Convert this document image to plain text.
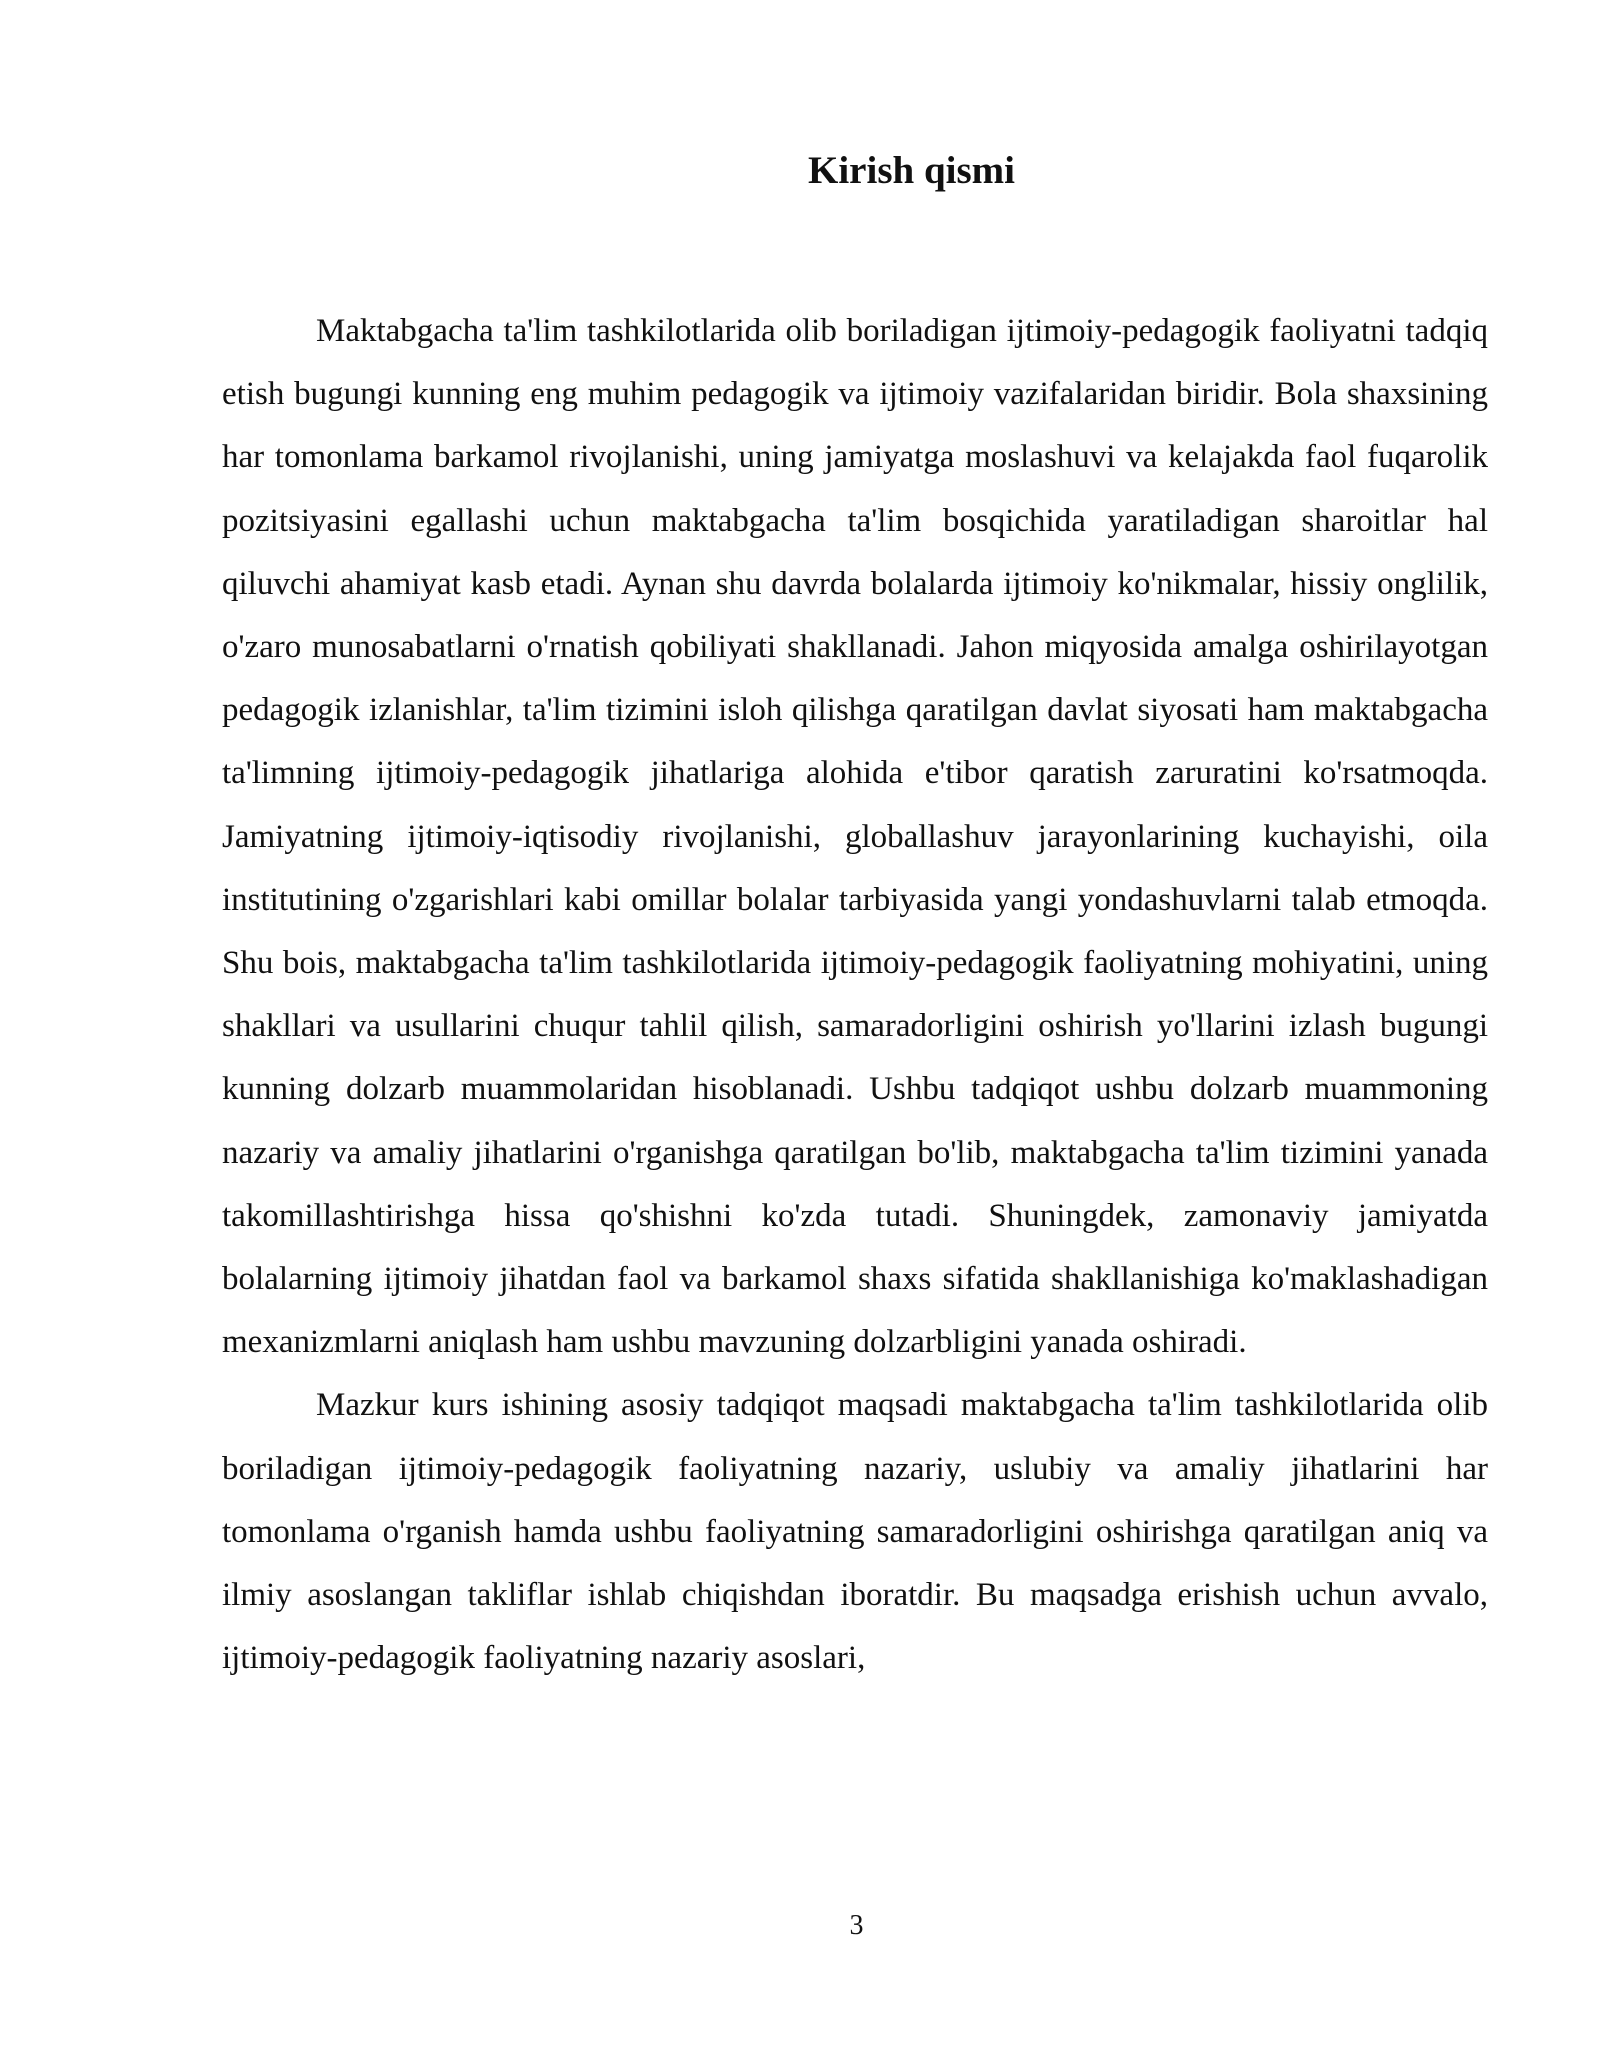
Kirish qismi

Maktabgacha ta'lim tashkilotlarida olib boriladigan ijtimoiy-pedagogik faoliyatni tadqiq etish bugungi kunning eng muhim pedagogik va ijtimoiy vazifalaridan biridir. Bola shaxsining har tomonlama barkamol rivojlanishi, uning jamiyatga moslashuvi va kelajakda faol fuqarolik pozitsiyasini egallashi uchun maktabgacha ta'lim bosqichida yaratiladigan sharoitlar hal qiluvchi ahamiyat kasb etadi. Aynan shu davrda bolalarda ijtimoiy ko'nikmalar, hissiy onglilik, o'zaro munosabatlarni o'rnatish qobiliyati shakllanadi. Jahon miqyosida amalga oshirilayotgan pedagogik izlanishlar, ta'lim tizimini isloh qilishga qaratilgan davlat siyosati ham maktabgacha ta'limning ijtimoiy-pedagogik jihatlariga alohida e'tibor qaratish zaruratini ko'rsatmoqda. Jamiyatning ijtimoiy-iqtisodiy rivojlanishi, globallashuv jarayonlarining kuchayishi, oila institutining o'zgarishlari kabi omillar bolalar tarbiyasida yangi yondashuvlarni talab etmoqda. Shu bois, maktabgacha ta'lim tashkilotlarida ijtimoiy-pedagogik faoliyatning mohiyatini, uning shakllari va usullarini chuqur tahlil qilish, samaradorligini oshirish yo'llarini izlash bugungi kunning dolzarb muammolaridan hisoblanadi. Ushbu tadqiqot ushbu dolzarb muammoning nazariy va amaliy jihatlarini o'rganishga qaratilgan bo'lib, maktabgacha ta'lim tizimini yanada takomillashtirishga hissa qo'shishni ko'zda tutadi. Shuningdek, zamonaviy jamiyatda bolalarning ijtimoiy jihatdan faol va barkamol shaxs sifatida shakllanishiga ko'maklashadigan mexanizmlarni aniqlash ham ushbu mavzuning dolzarbligini yanada oshiradi.

Mazkur kurs ishining asosiy tadqiqot maqsadi maktabgacha ta'lim tashkilotlarida olib boriladigan ijtimoiy-pedagogik faoliyatning nazariy, uslubiy va amaliy jihatlarini har tomonlama o'rganish hamda ushbu faoliyatning samaradorligini oshirishga qaratilgan aniq va ilmiy asoslangan takliflar ishlab chiqishdan iboratdir. Bu maqsadga erishish uchun avvalo, ijtimoiy-pedagogik faoliyatning nazariy asoslari,

3
